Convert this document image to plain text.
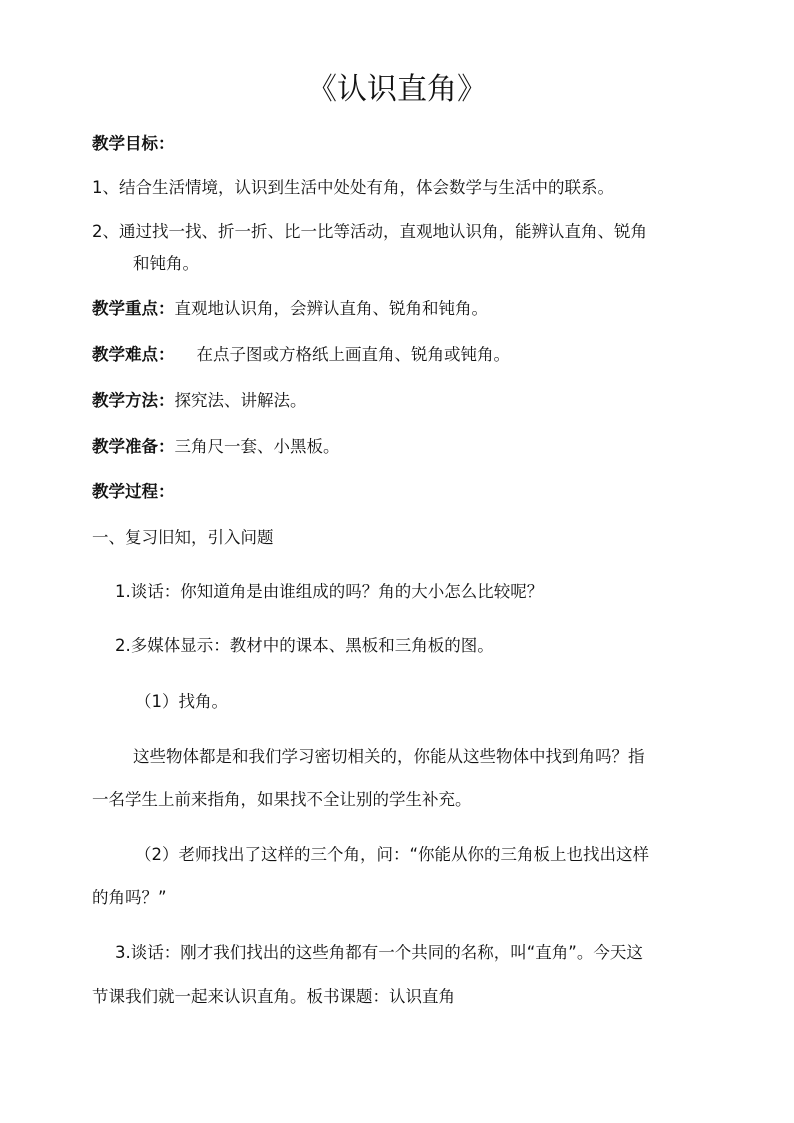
《认识直角》
教学目标：
1、结合生活情境，认识到生活中处处有角，体会数学与生活中的联系。
2、通过找一找、折一折、比一比等活动，直观地认识角，能辨认直角、锐角
和钝角。
教学重点：直观地认识角，会辨认直角、锐角和钝角。
教学难点： 在点子图或方格纸上画直角、锐角或钝角。
教学方法：探究法、讲解法。
教学准备：三角尺一套、小黑板。
教学过程：
一、复习旧知，引入问题
1.谈话：你知道角是由谁组成的吗？角的大小怎么比较呢？
2.多媒体显示：教材中的课本、黑板和三角板的图。
（1）找角。
这些物体都是和我们学习密切相关的，你能从这些物体中找到角吗？指
一名学生上前来指角，如果找不全让别的学生补充。
（2）老师找出了这样的三个角，问：“你能从你的三角板上也找出这样
的角吗？”
3.谈话：刚才我们找出的这些角都有一个共同的名称，叫“直角”。今天这
节课我们就一起来认识直角。板书课题：认识直角
